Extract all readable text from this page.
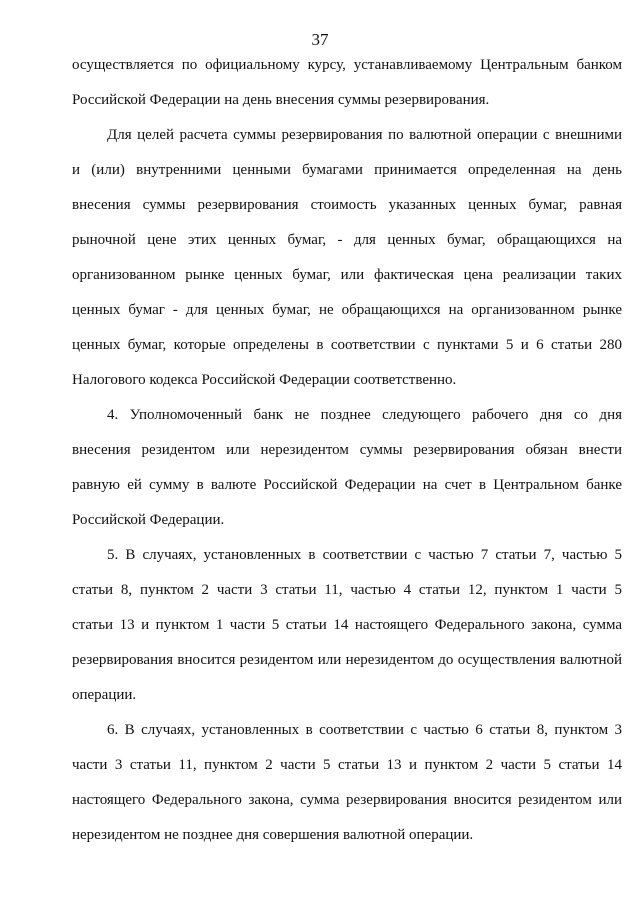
37
осуществляется по официальному курсу, устанавливаемому Центральным банком
Российской Федерации на день внесения суммы резервирования.
Для целей расчета суммы резервирования по валютной операции с внешними
и (или) внутренними ценными бумагами принимается определенная на день
внесения суммы резервирования стоимость указанных ценных бумаг, равная
рыночной цене этих ценных бумаг, - для ценных бумаг, обращающихся на
организованном рынке ценных бумаг, или фактическая цена реализации таких
ценных бумаг - для ценных бумаг, не обращающихся на организованном рынке
ценных бумаг, которые определены в соответствии с пунктами 5 и 6 статьи 280
Налогового кодекса Российской Федерации соответственно.
4. Уполномоченный банк не позднее следующего рабочего дня со дня
внесения резидентом или нерезидентом суммы резервирования обязан внести
равную ей сумму в валюте Российской Федерации на счет в Центральном банке
Российской Федерации.
5. В случаях, установленных в соответствии с частью 7 статьи 7, частью 5
статьи 8, пунктом 2 части 3 статьи 11, частью 4 статьи 12, пунктом 1 части 5
статьи 13 и пунктом 1 части 5 статьи 14 настоящего Федерального закона, сумма
резервирования вносится резидентом или нерезидентом до осуществления валютной
операции.
6. В случаях, установленных в соответствии с частью 6 статьи 8, пунктом 3
части 3 статьи 11, пунктом 2 части 5 статьи 13 и пунктом 2 части 5 статьи 14
настоящего Федерального закона, сумма резервирования вносится резидентом или
нерезидентом не позднее дня совершения валютной операции.
